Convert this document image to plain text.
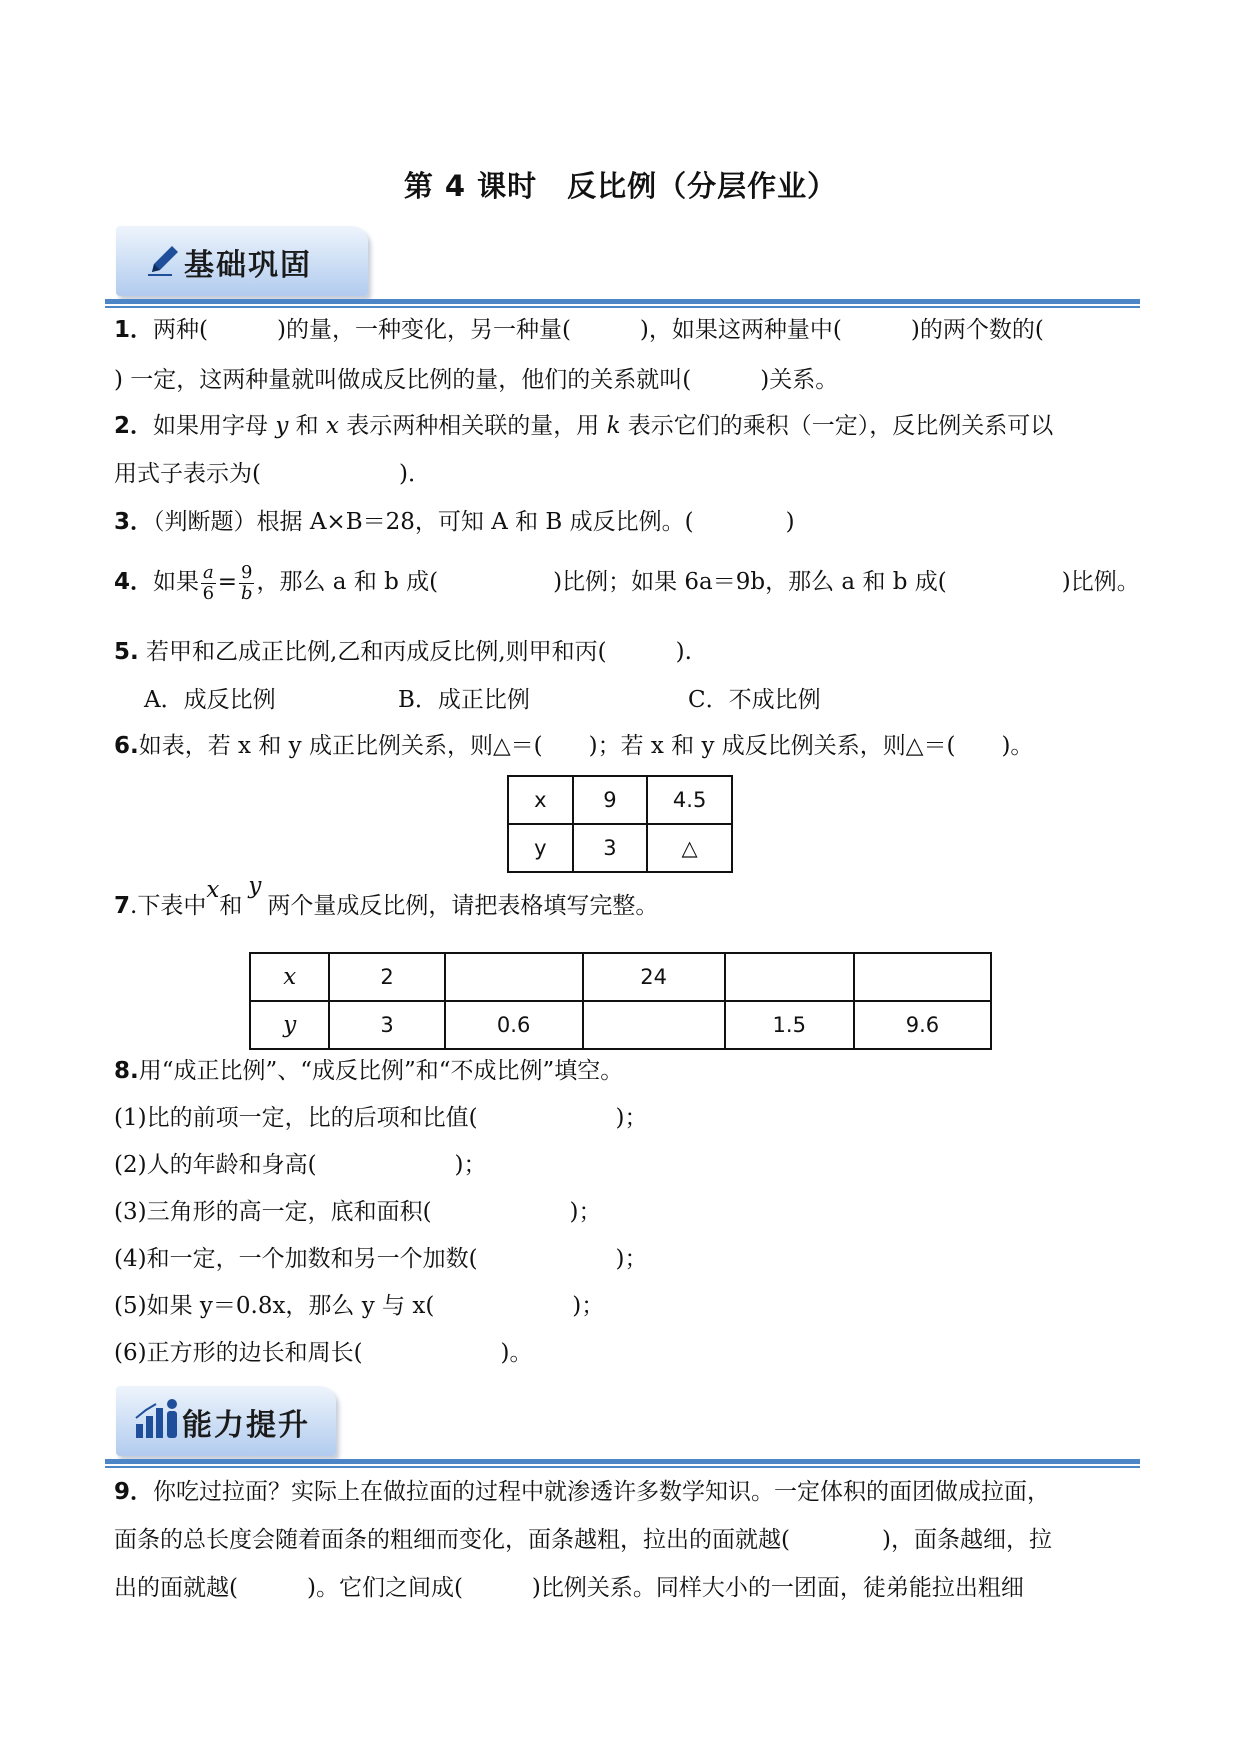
第 4 课时　反比例（分层作业）
基础巩固
1．两种(　　　)的量，一种变化，另一种量(　　　)，如果这两种量中(　　　)的两个数的(
) 一定，这两种量就叫做成反比例的量，他们的关系就叫(　　　)关系。
2．如果用字母 y 和 x 表示两种相关联的量，用 k 表示它们的乘积（一定），反比例关系可以
用式子表示为(　　　　　　)．
3．（判断题）根据 A×B＝28，可知 A 和 B 成反比例。(　　　　)
4．如果 $\frac{a}{6} = \frac{9}{b}$ ，那么 a 和 b 成(　　　　　)比例；如果 6a＝9b，那么 a 和 b 成(　　　　　)比例。
5. 若甲和乙成正比例,乙和丙成反比例,则甲和丙(　　　).
A．成反比例	B．成正比例	C．不成比例
6.如表，若 x 和 y 成正比例关系，则△＝(　　)；若 x 和 y 成反比例关系，则△＝(　　)。
x	9	4.5
y	3	△
7.下表中x和y两个量成反比例，请把表格填写完整。
x	2		24		
y	3	0.6		1.5	9.6
8.用“成正比例”、“成反比例”和“不成比例”填空。
(1)比的前项一定，比的后项和比值(　　　　　　)；
(2)人的年龄和身高(　　　　　　)；
(3)三角形的高一定，底和面积(　　　　　　)；
(4)和一定，一个加数和另一个加数(　　　　　　)；
(5)如果 y＝0.8x，那么 y 与 x(　　　　　　)；
(6)正方形的边长和周长(　　　　　　)。
能力提升
9．你吃过拉面？实际上在做拉面的过程中就渗透许多数学知识。一定体积的面团做成拉面，
面条的总长度会随着面条的粗细而变化，面条越粗，拉出的面就越(　　　　)，面条越细，拉
出的面就越(　　　)。它们之间成(　　　)比例关系。同样大小的一团面，徒弟能拉出粗细
